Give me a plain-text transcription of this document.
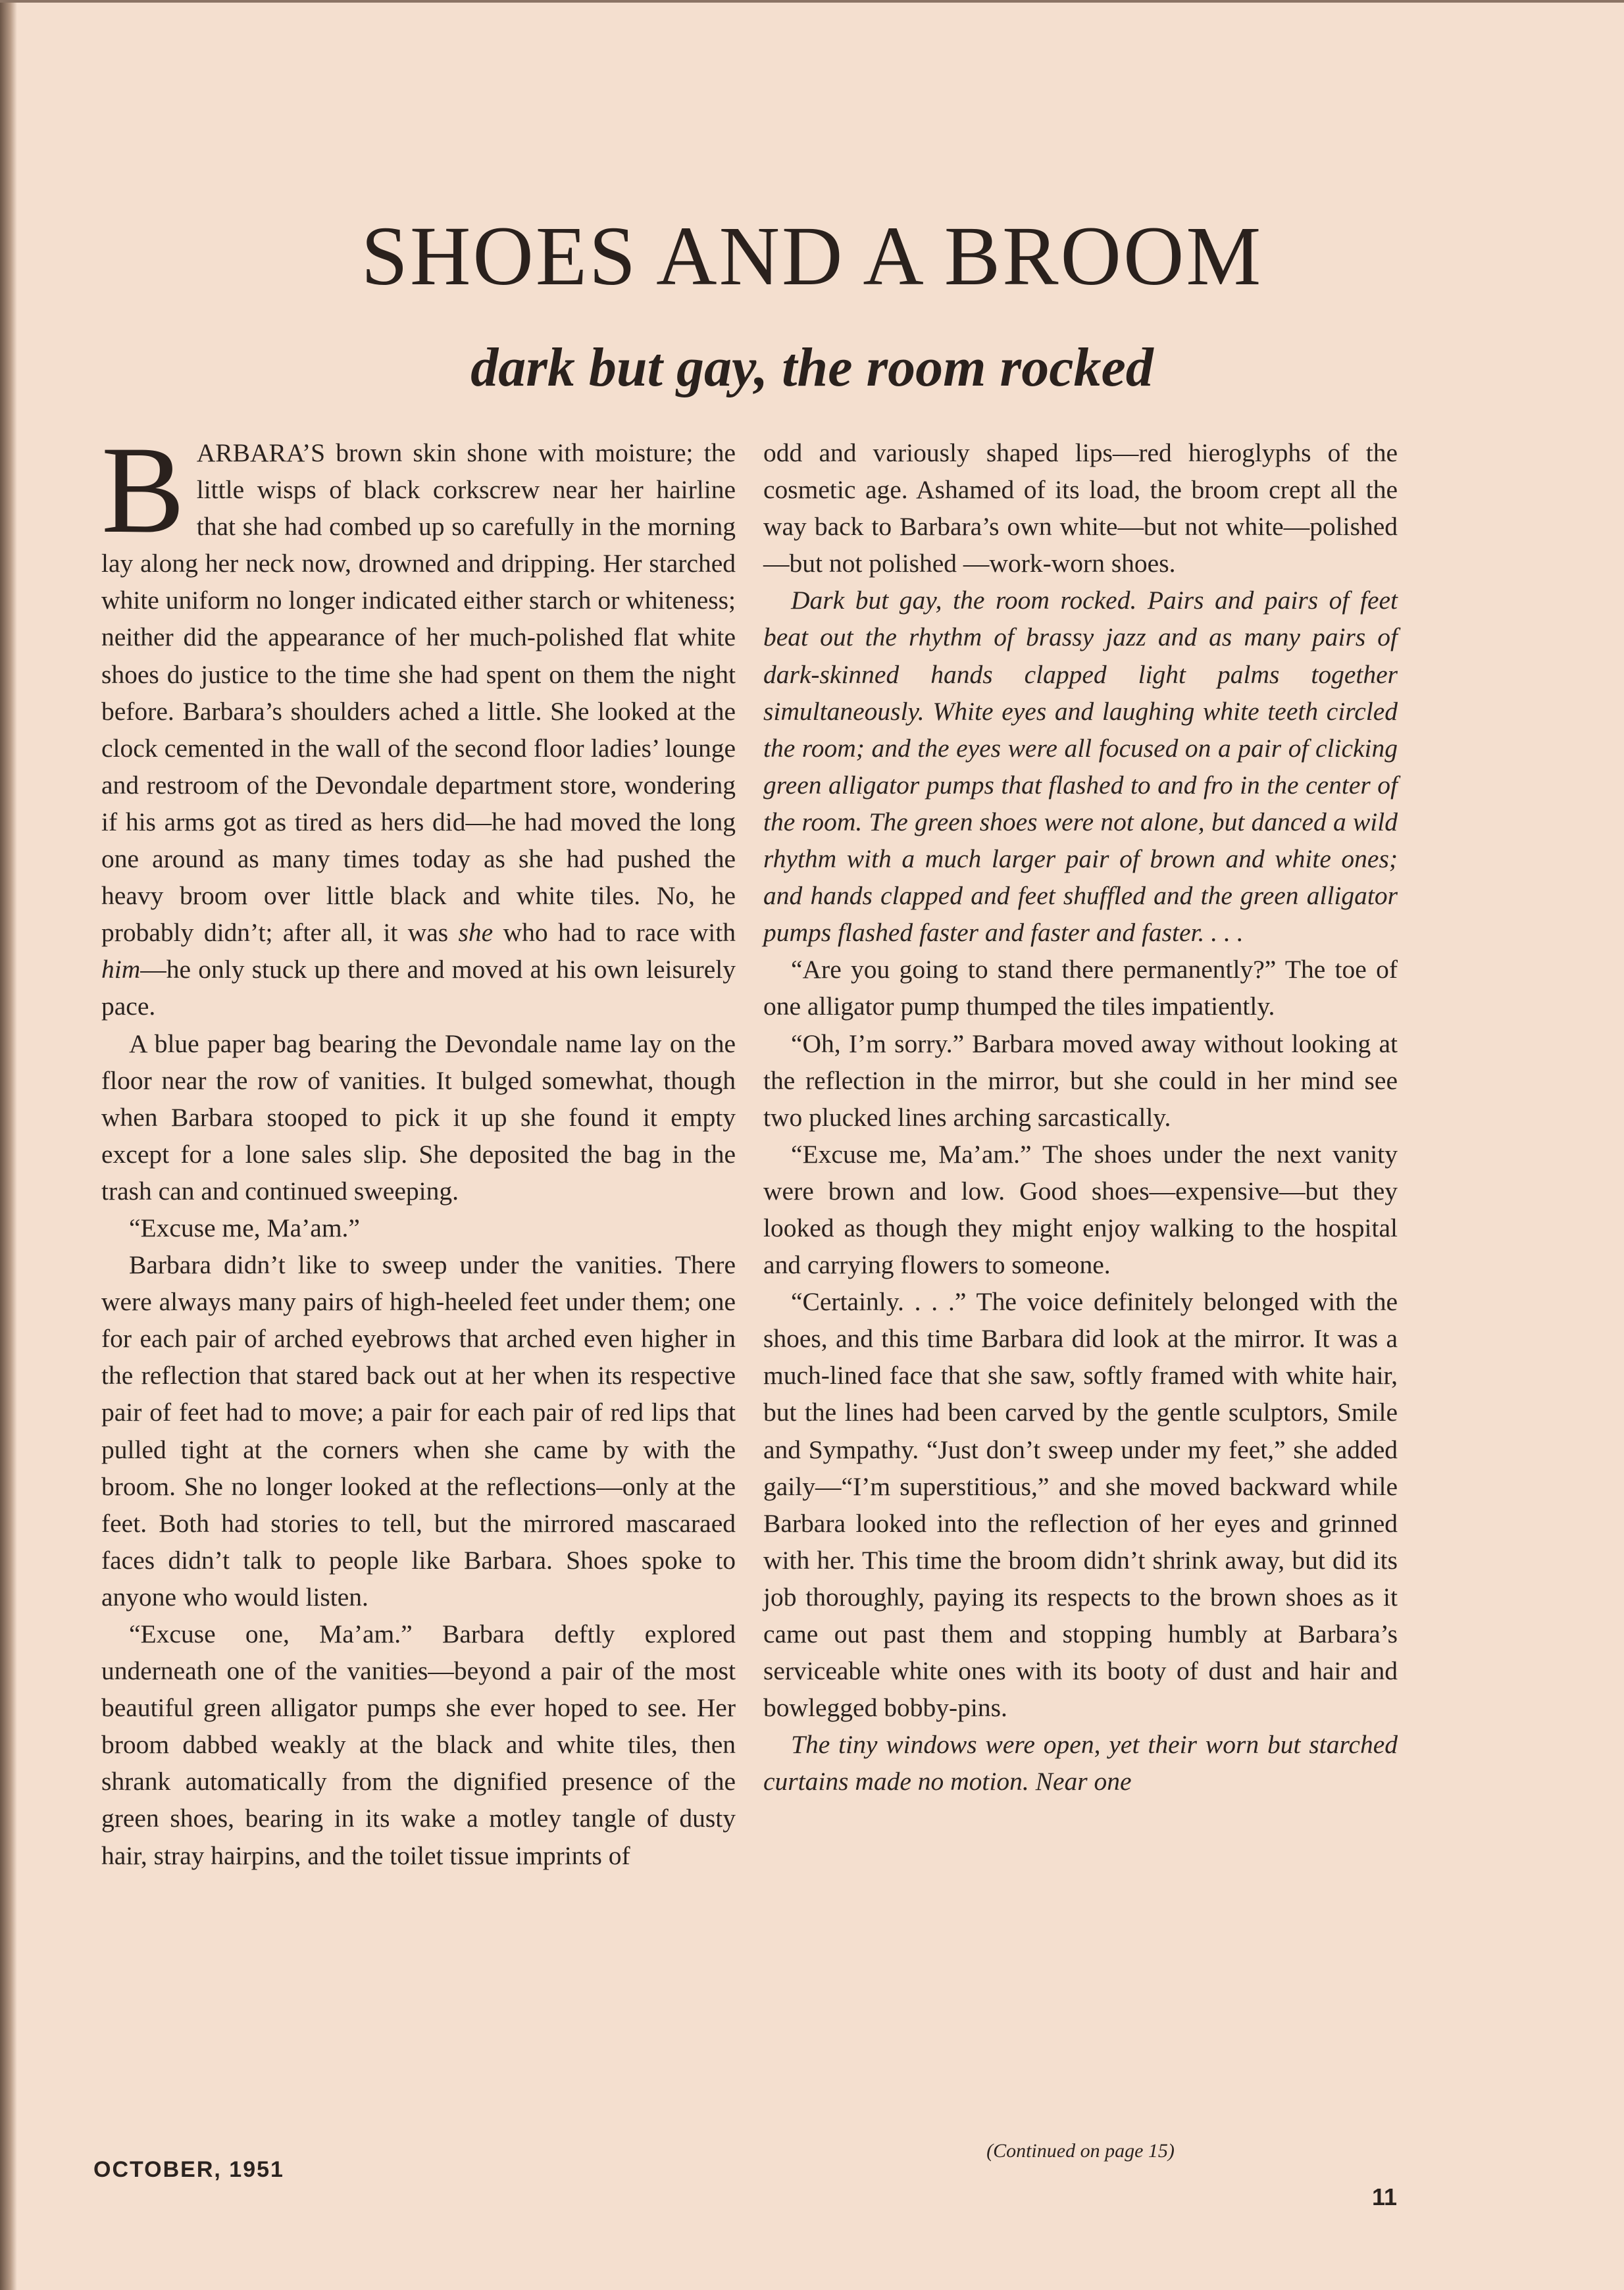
SHOES AND A BROOM
dark but gay, the room rocked

BARBARA’S brown skin shone with moisture; the little wisps of black corkscrew near her hairline that she had combed up so carefully in the morning lay along her neck now, drowned and dripping. Her starched white uniform no longer indicated either starch or whiteness; neither did the appearance of her much-polished flat white shoes do justice to the time she had spent on them the night before. Barbara’s shoulders ached a little. She looked at the clock cemented in the wall of the second floor ladies’ lounge and restroom of the Devondale department store, wondering if his arms got as tired as hers did—he had moved the long one around as many times today as she had pushed the heavy broom over little black and white tiles. No, he probably didn’t; after all, it was she who had to race with him—he only stuck up there and moved at his own leisurely pace.

A blue paper bag bearing the Devondale name lay on the floor near the row of vanities. It bulged somewhat, though when Barbara stooped to pick it up she found it empty except for a lone sales slip. She deposited the bag in the trash can and continued sweeping.

“Excuse me, Ma’am.”

Barbara didn’t like to sweep under the vanities. There were always many pairs of high-heeled feet under them; one for each pair of arched eyebrows that arched even higher in the reflection that stared back out at her when its respective pair of feet had to move; a pair for each pair of red lips that pulled tight at the corners when she came by with the broom. She no longer looked at the reflections—only at the feet. Both had stories to tell, but the mirrored mascaraed faces didn’t talk to people like Barbara. Shoes spoke to anyone who would listen.

“Excuse one, Ma’am.” Barbara deftly explored underneath one of the vanities—beyond a pair of the most beautiful green alligator pumps she ever hoped to see. Her broom dabbed weakly at the black and white tiles, then shrank automatically from the dignified presence of the green shoes, bearing in its wake a motley tangle of dusty hair, stray hairpins, and the toilet tissue imprints of

odd and variously shaped lips—red hieroglyphs of the cosmetic age. Ashamed of its load, the broom crept all the way back to Barbara’s own white—but not white—polished—but not polished —work-worn shoes.

Dark but gay, the room rocked. Pairs and pairs of feet beat out the rhythm of brassy jazz and as many pairs of dark-skinned hands clapped light palms together simultaneously. White eyes and laughing white teeth circled the room; and the eyes were all focused on a pair of clicking green alligator pumps that flashed to and fro in the center of the room. The green shoes were not alone, but danced a wild rhythm with a much larger pair of brown and white ones; and hands clapped and feet shuffled and the green alligator pumps flashed faster and faster and faster. . . .

“Are you going to stand there permanently?” The toe of one alligator pump thumped the tiles impatiently.

“Oh, I’m sorry.” Barbara moved away without looking at the reflection in the mirror, but she could in her mind see two plucked lines arching sarcastically.

“Excuse me, Ma’am.” The shoes under the next vanity were brown and low. Good shoes—expensive—but they looked as though they might enjoy walking to the hospital and carrying flowers to someone.

“Certainly. . . .” The voice definitely belonged with the shoes, and this time Barbara did look at the mirror. It was a much-lined face that she saw, softly framed with white hair, but the lines had been carved by the gentle sculptors, Smile and Sympathy. “Just don’t sweep under my feet,” she added gaily—“I’m superstitious,” and she moved backward while Barbara looked into the reflection of her eyes and grinned with her. This time the broom didn’t shrink away, but did its job thoroughly, paying its respects to the brown shoes as it came out past them and stopping humbly at Barbara’s serviceable white ones with its booty of dust and hair and bowlegged bobby-pins.

The tiny windows were open, yet their worn but starched curtains made no motion. Near one

(Continued on page 15)
OCTOBER, 1951
11
